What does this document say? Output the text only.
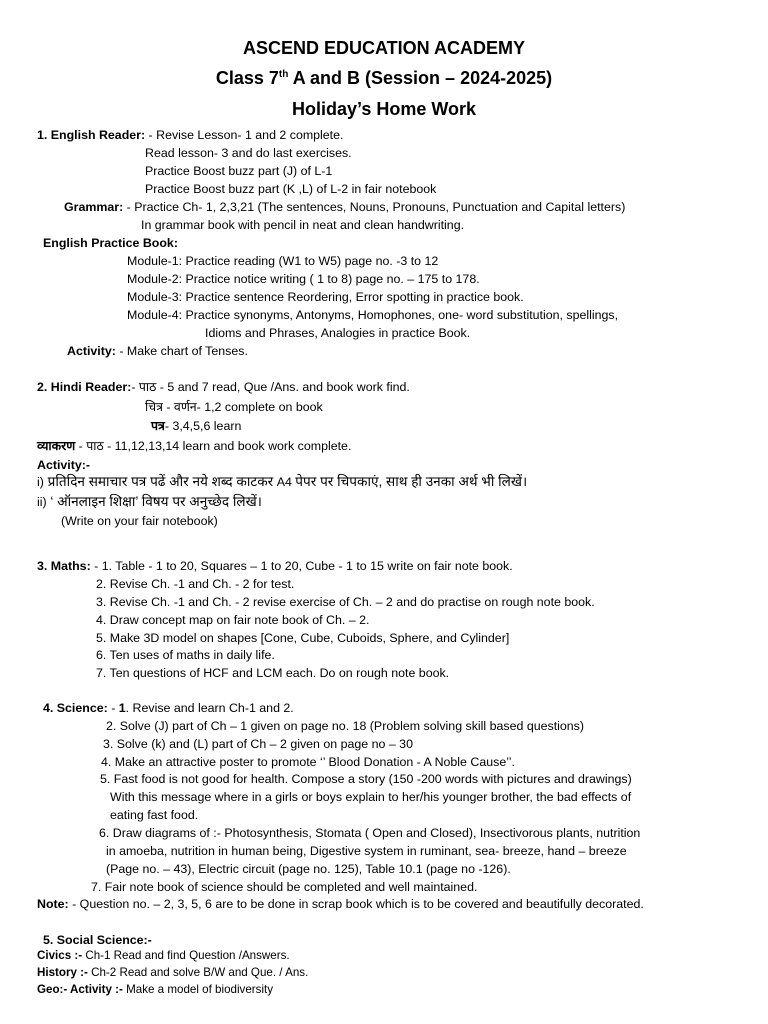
ASCEND EDUCATION ACADEMY
Class 7th A and B (Session – 2024-2025)
Holiday’s Home Work
1. English Reader: - Revise Lesson- 1 and 2 complete.
Read lesson- 3 and do last exercises.
Practice Boost buzz part (J) of L-1
Practice Boost buzz part (K ,L) of L-2 in fair notebook
Grammar: - Practice Ch- 1, 2,3,21 (The sentences, Nouns, Pronouns, Punctuation and Capital letters)
In grammar book with pencil in neat and clean handwriting.
English Practice Book:
Module-1: Practice reading (W1 to W5) page no. -3 to 12
Module-2: Practice notice writing ( 1 to 8) page no. – 175 to 178.
Module-3: Practice sentence Reordering, Error spotting in practice book.
Module-4: Practice synonyms, Antonyms, Homophones, one- word substitution, spellings,
Idioms and Phrases, Analogies in practice Book.
Activity: - Make chart of Tenses.
2. Hindi Reader:- पाठ - 5 and 7 read, Que /Ans. and book work find.
चित्र - वर्णन- 1,2 complete on book
पत्र- 3,4,5,6 learn
व्याकरण - पाठ - 11,12,13,14 learn and book work complete.
Activity:-
i) प्रतिदिन समाचार पत्र पढें और नये शब्द काटकर A4 पेपर पर चिपकाएं, साथ ही उनका अर्थ भी लिखें।
ii) ‘ ऑनलाइन शिक्षा’ विषय पर अनुच्छेद लिखें।
(Write on your fair notebook)
3. Maths: - 1. Table - 1 to 20, Squares – 1 to 20, Cube - 1 to 15 write on fair note book.
2. Revise Ch. -1 and Ch. - 2 for test.
3. Revise Ch. -1 and Ch. - 2 revise exercise of Ch. – 2 and do practise on rough note book.
4. Draw concept map on fair note book of Ch. – 2.
5. Make 3D model on shapes [Cone, Cube, Cuboids, Sphere, and Cylinder]
6. Ten uses of maths in daily life.
7. Ten questions of HCF and LCM each. Do on rough note book.
4. Science: - 1. Revise and learn Ch-1 and 2.
2. Solve (J) part of Ch – 1 given on page no. 18 (Problem solving skill based questions)
3. Solve (k) and (L) part of Ch – 2 given on page no – 30
4. Make an attractive poster to promote ‘’ Blood Donation - A Noble Cause’’.
5. Fast food is not good for health. Compose a story (150 -200 words with pictures and drawings)
With this message where in a girls or boys explain to her/his younger brother, the bad effects of
eating fast food.
6. Draw diagrams of :- Photosynthesis, Stomata ( Open and Closed), Insectivorous plants, nutrition
in amoeba, nutrition in human being, Digestive system in ruminant, sea- breeze, hand – breeze
(Page no. – 43), Electric circuit (page no. 125), Table 10.1 (page no -126).
7. Fair note book of science should be completed and well maintained.
Note: - Question no. – 2, 3, 5, 6 are to be done in scrap book which is to be covered and beautifully decorated.
5. Social Science:-
Civics :- Ch-1 Read and find Question /Answers.
History :- Ch-2 Read and solve B/W and Que. / Ans.
Geo:- Activity :- Make a model of biodiversity
